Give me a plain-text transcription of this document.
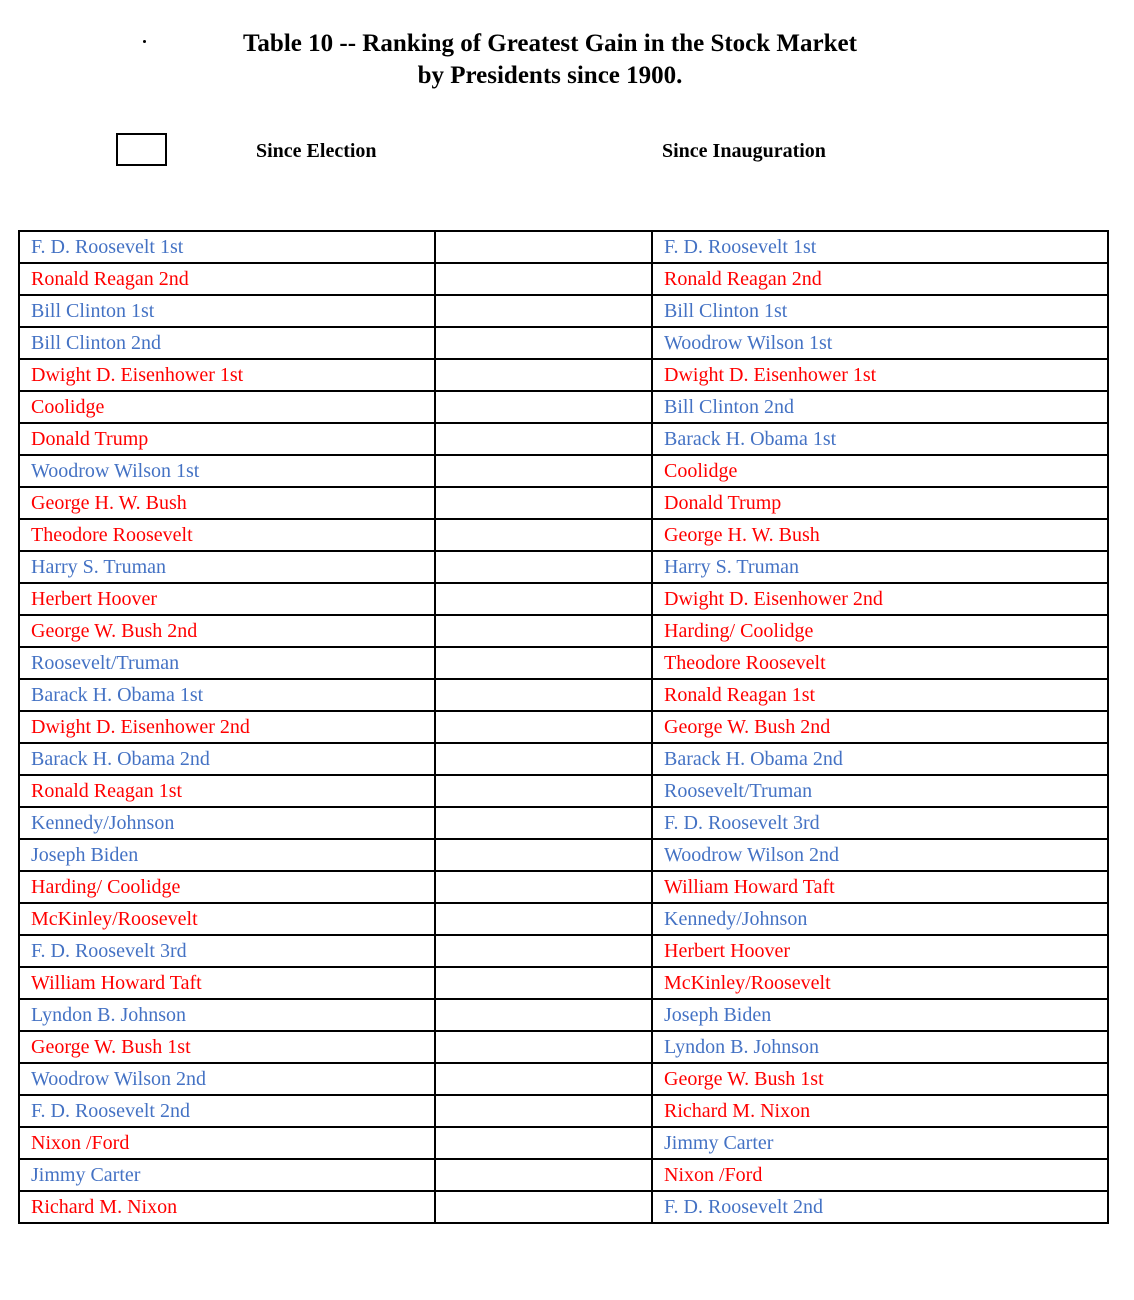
Table 10 -- Ranking of Greatest Gain in the Stock Market
by Presidents since 1900.
Since Election	Since Inauguration
F. D. Roosevelt 1st		F. D. Roosevelt 1st
Ronald Reagan 2nd		Ronald Reagan 2nd
Bill Clinton 1st		Bill Clinton 1st
Bill Clinton 2nd		Woodrow Wilson 1st
Dwight D. Eisenhower 1st		Dwight D. Eisenhower 1st
Coolidge		Bill Clinton 2nd
Donald Trump		Barack H. Obama 1st
Woodrow Wilson 1st		Coolidge
George H. W. Bush		Donald Trump
Theodore Roosevelt		George H. W. Bush
Harry S. Truman		Harry S. Truman
Herbert Hoover		Dwight D. Eisenhower 2nd
George W. Bush 2nd		Harding/ Coolidge
Roosevelt/Truman		Theodore Roosevelt
Barack H. Obama 1st		Ronald Reagan 1st
Dwight D. Eisenhower 2nd		George W. Bush 2nd
Barack H. Obama 2nd		Barack H. Obama 2nd
Ronald Reagan 1st		Roosevelt/Truman
Kennedy/Johnson		F. D. Roosevelt 3rd
Joseph Biden		Woodrow Wilson 2nd
Harding/ Coolidge		William Howard Taft
McKinley/Roosevelt		Kennedy/Johnson
F. D. Roosevelt 3rd		Herbert Hoover
William Howard Taft		McKinley/Roosevelt
Lyndon B. Johnson		Joseph Biden
George W. Bush 1st		Lyndon B. Johnson
Woodrow Wilson 2nd		George W. Bush 1st
F. D. Roosevelt 2nd		Richard M. Nixon
Nixon /Ford		Jimmy Carter
Jimmy Carter		Nixon /Ford
Richard M. Nixon		F. D. Roosevelt 2nd
